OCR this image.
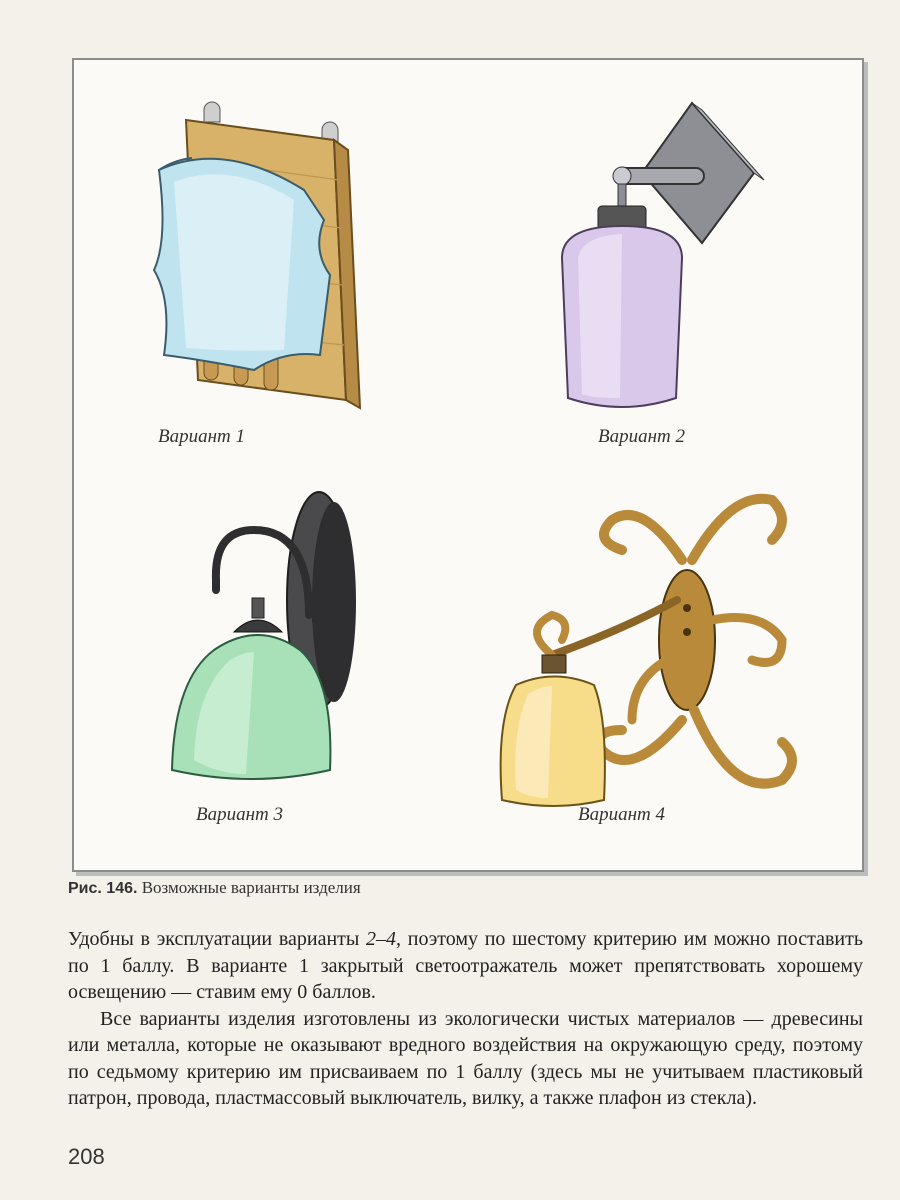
Вариант 1	Вариант 2
Вариант 3	Вариант 4
Рис. 146. Возможные варианты изделия

Удобны в эксплуатации варианты 2–4, поэтому по шестому критерию им можно поставить по 1 баллу. В варианте 1 закрытый светоотражатель может препятствовать хорошему освещению — ставим ему 0 баллов.

Все варианты изделия изготовлены из экологически чистых материалов — древесины или металла, которые не оказывают вредного воздействия на окружающую среду, поэтому по седьмому критерию им присваиваем по 1 баллу (здесь мы не учитываем пластиковый патрон, провода, пластмассовый выключатель, вилку, а также плафон из стекла).

208
